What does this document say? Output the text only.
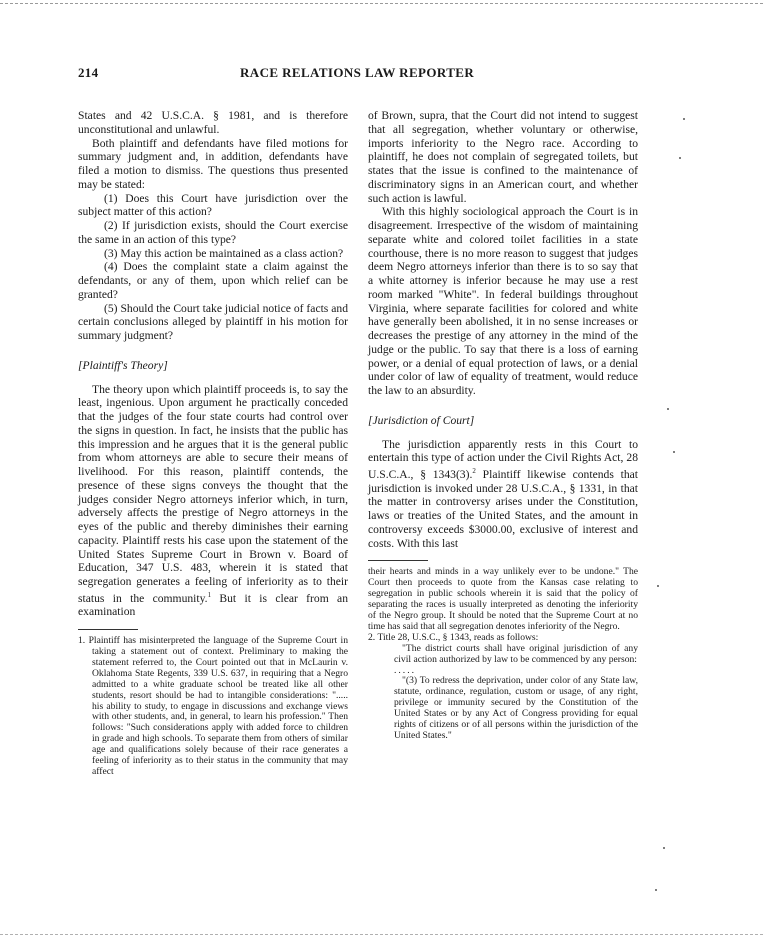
214	RACE RELATIONS LAW REPORTER

States and 42 U.S.C.A. § 1981, and is therefore unconstitutional and unlawful.

Both plaintiff and defendants have filed motions for summary judgment and, in addition, defendants have filed a motion to dismiss. The questions thus presented may be stated:

(1) Does this Court have jurisdiction over the subject matter of this action?

(2) If jurisdiction exists, should the Court exercise the same in an action of this type?

(3) May this action be maintained as a class action?

(4) Does the complaint state a claim against the defendants, or any of them, upon which relief can be granted?

(5) Should the Court take judicial notice of facts and certain conclusions alleged by plaintiff in his motion for summary judgment?

[Plaintiff's Theory]

The theory upon which plaintiff proceeds is, to say the least, ingenious. Upon argument he practically conceded that the judges of the four state courts had control over the signs in question. In fact, he insists that the public has this impression and he argues that it is the general public from whom attorneys are able to secure their means of livelihood. For this reason, plaintiff contends, the presence of these signs conveys the thought that the judges consider Negro attorneys inferior which, in turn, adversely affects the prestige of Negro attorneys in the eyes of the public and thereby diminishes their earning capacity. Plaintiff rests his case upon the statement of the United States Supreme Court in Brown v. Board of Education, 347 U.S. 483, wherein it is stated that segregation generates a feeling of inferiority as to their status in the community.$^1$ But it is clear from an examination

1. Plaintiff has misinterpreted the language of the Supreme Court in taking a statement out of context. Preliminary to making the statement referred to, the Court pointed out that in McLaurin v. Oklahoma State Regents, 339 U.S. 637, in requiring that a Negro admitted to a white graduate school be treated like all other students, resort should be had to intangible considerations: "..... his ability to study, to engage in discussions and exchange views with other students, and, in general, to learn his profession." Then follows: "Such considerations apply with added force to children in grade and high schools. To separate them from others of similar age and qualifications solely because of their race generates a feeling of inferiority as to their status in the community that may affect

of Brown, supra, that the Court did not intend to suggest that all segregation, whether voluntary or otherwise, imports inferiority to the Negro race. According to plaintiff, he does not complain of segregated toilets, but states that the issue is confined to the maintenance of discriminatory signs in an American court, and whether such action is lawful.

With this highly sociological approach the Court is in disagreement. Irrespective of the wisdom of maintaining separate white and colored toilet facilities in a state courthouse, there is no more reason to suggest that judges deem Negro attorneys inferior than there is to so say that a white attorney is inferior because he may use a rest room marked "White". In federal buildings throughout Virginia, where separate facilities for colored and white have generally been abolished, it in no sense increases or decreases the prestige of any attorney in the mind of the judge or the public. To say that there is a loss of earning power, or a denial of equal protection of laws, or a denial under color of law of equality of treatment, would reduce the law to an absurdity.

[Jurisdiction of Court]

The jurisdiction apparently rests in this Court to entertain this type of action under the Civil Rights Act, 28 U.S.C.A., § 1343(3).$^2$ Plaintiff likewise contends that jurisdiction is invoked under 28 U.S.C.A., § 1331, in that the matter in controversy arises under the Constitution, laws or treaties of the United States, and the amount in controversy exceeds $3000.00, exclusive of interest and costs. With this last

their hearts and minds in a way unlikely ever to be undone." The Court then proceeds to quote from the Kansas case relating to segregation in public schools wherein it is said that the policy of separating the races is usually interpreted as denoting the inferiority of the Negro group. It should be noted that the Supreme Court at no time has said that all segregation denotes inferiority of the Negro.

2. Title 28, U.S.C., § 1343, reads as follows:

"The district courts shall have original jurisdiction of any civil action authorized by law to be commenced by any person:

.....

"(3) To redress the deprivation, under color of any State law, statute, ordinance, regulation, custom or usage, of any right, privilege or immunity secured by the Constitution of the United States or by any Act of Congress providing for equal rights of citizens or of all persons within the jurisdiction of the United States."
